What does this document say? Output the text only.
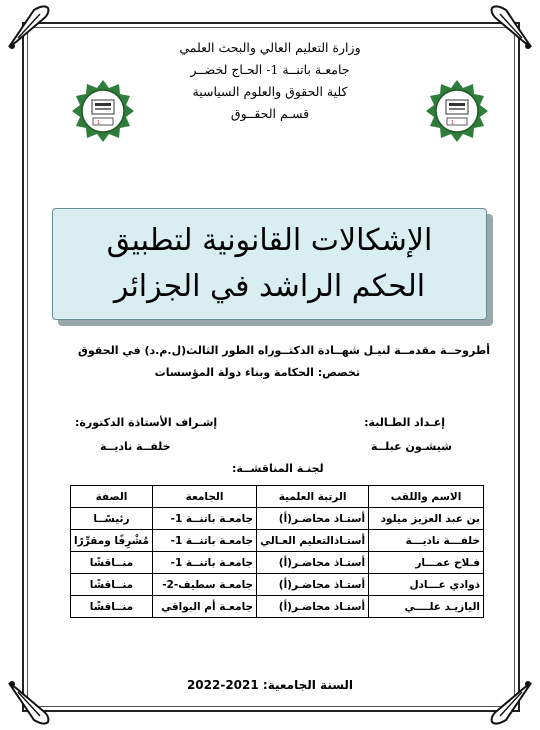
وزارة التعليم العالي والبحث العلمي
جامعـة باتنــة 1- الحـاج لخضــر
كلية الحقوق والعلوم السياسية
قسـم الحقــوق
1	1
الإشكالات القانونية لتطبيق
الحكم الراشد في الجزائر
أطروحــة مقدمــة لنيـل شهــادة الدكتــوراه الطور الثالث(ل.م.د) في الحقوق
تخصص: الحكامة وبناء دولة المؤسسات
إعـداد الطـالبة:
شيشـون عبلــة
إشـراف الأستاذة الدكتورة:
خلفــة ناديــة
لجنـة المناقشــة:
الاسم واللقب	الرتبة العلمية	الجامعة	الصفة
بن عبد العزيز ميلود	أستـاذ محاضـر(أ)	جامعـة باتنــة 1-	رئيسًــا
خلفـــة ناديـــة	أستـاذالتعليم العـالي	جامعـة باتنــة 1-	مُشْرِفًا ومقرِّرًا
فـلاح عمـــار	أستـاذ محاضـر(أ)	جامعـة باتنــة 1-	منــاقشًا
ذوادي عـــادل	أستـاذ محاضـر(أ)	جامعـة سطيف-2-	منــاقشًا
اليازيـد علــــي	أستـاذ محاضـر(أ)	جامعـة أم البواقي	منــاقشًا
السنة الجامعية: 2022-2021
